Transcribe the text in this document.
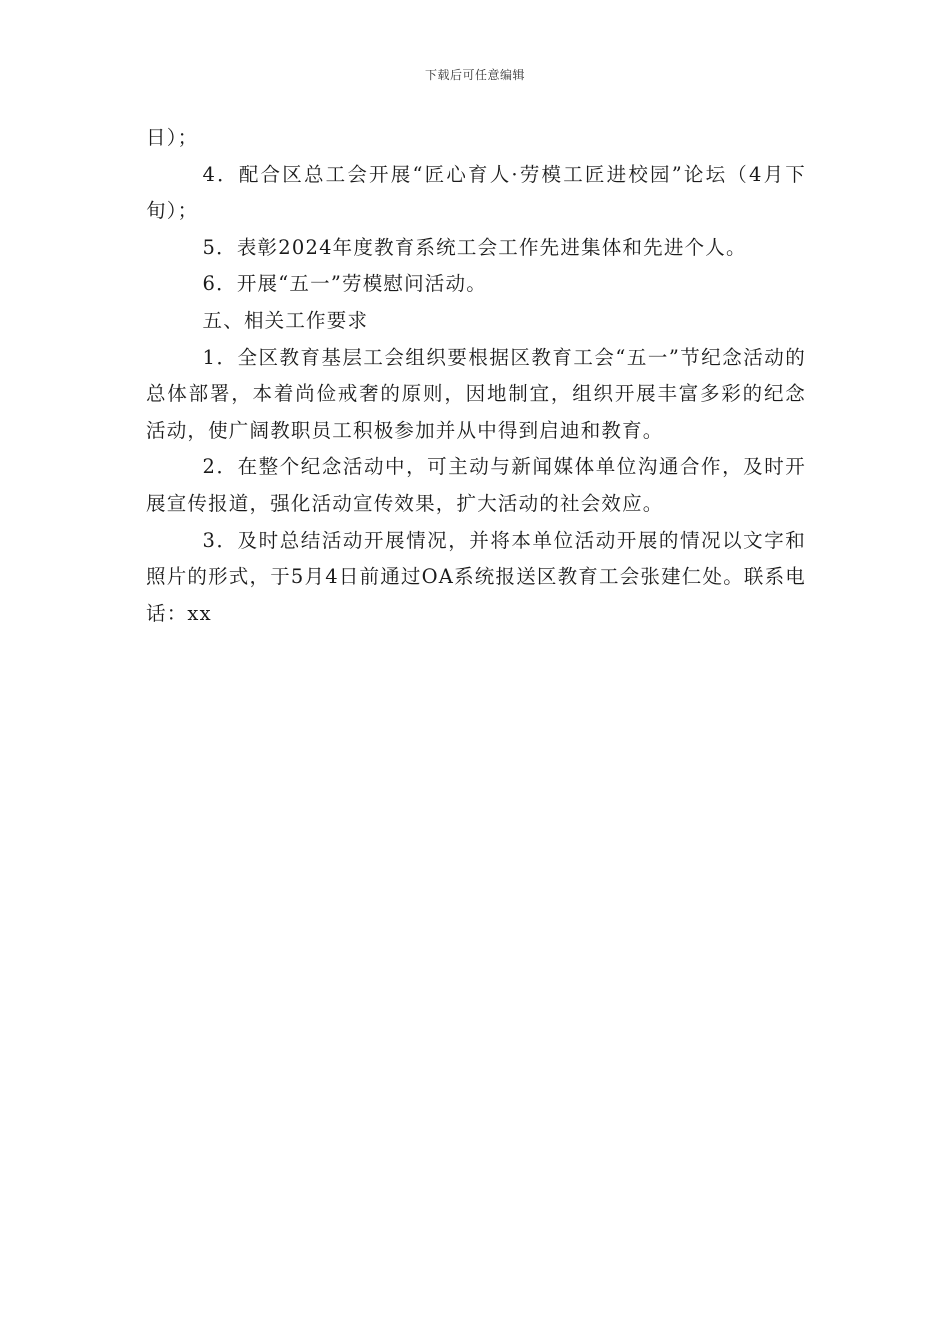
下载后可任意编辑

日）；

4．配合区总工会开展“匠心育人·劳模工匠进校园”论坛（4月下旬）；

5．表彰2024年度教育系统工会工作先进集体和先进个人。

6．开展“五一”劳模慰问活动。

五、相关工作要求

1．全区教育基层工会组织要根据区教育工会“五一”节纪念活动的总体部署，本着尚俭戒奢的原则，因地制宜，组织开展丰富多彩的纪念活动，使广阔教职员工积极参加并从中得到启迪和教育。

2．在整个纪念活动中，可主动与新闻媒体单位沟通合作，及时开展宣传报道，强化活动宣传效果，扩大活动的社会效应。

3．及时总结活动开展情况，并将本单位活动开展的情况以文字和照片的形式，于5月4日前通过OA系统报送区教育工会张建仁处。联系电话：xx
